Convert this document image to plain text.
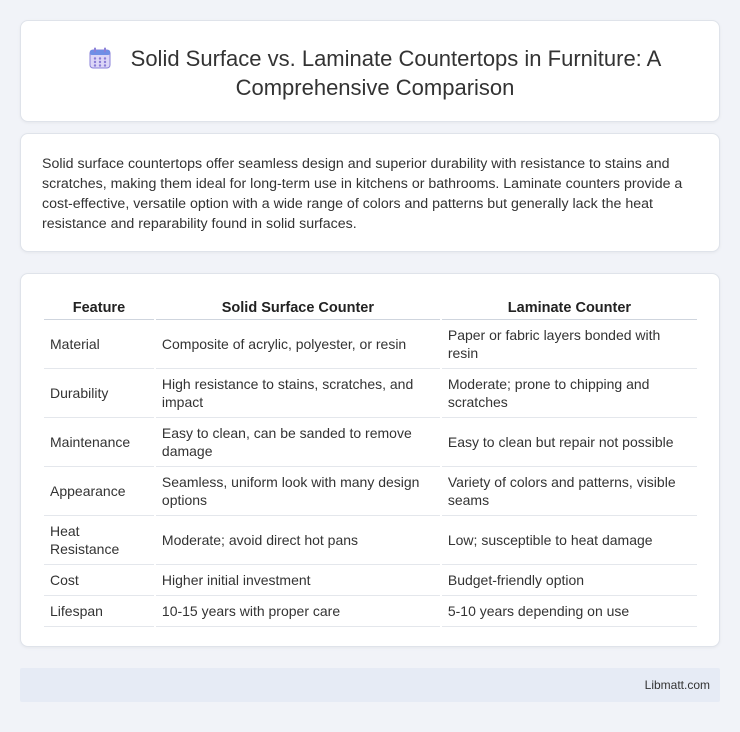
Solid Surface vs. Laminate Countertops in Furniture: A Comprehensive Comparison

Solid surface countertops offer seamless design and superior durability with resistance to stains and scratches, making them ideal for long-term use in kitchens or bathrooms. Laminate counters provide a cost-effective, versatile option with a wide range of colors and patterns but generally lack the heat resistance and reparability found in solid surfaces.

Feature	Solid Surface Counter	Laminate Counter
Material	Composite of acrylic, polyester, or resin	Paper or fabric layers bonded with resin
Durability	High resistance to stains, scratches, and impact	Moderate; prone to chipping and scratches
Maintenance	Easy to clean, can be sanded to remove damage	Easy to clean but repair not possible
Appearance	Seamless, uniform look with many design options	Variety of colors and patterns, visible seams
Heat Resistance	Moderate; avoid direct hot pans	Low; susceptible to heat damage
Cost	Higher initial investment	Budget-friendly option
Lifespan	10-15 years with proper care	5-10 years depending on use
Libmatt.com
